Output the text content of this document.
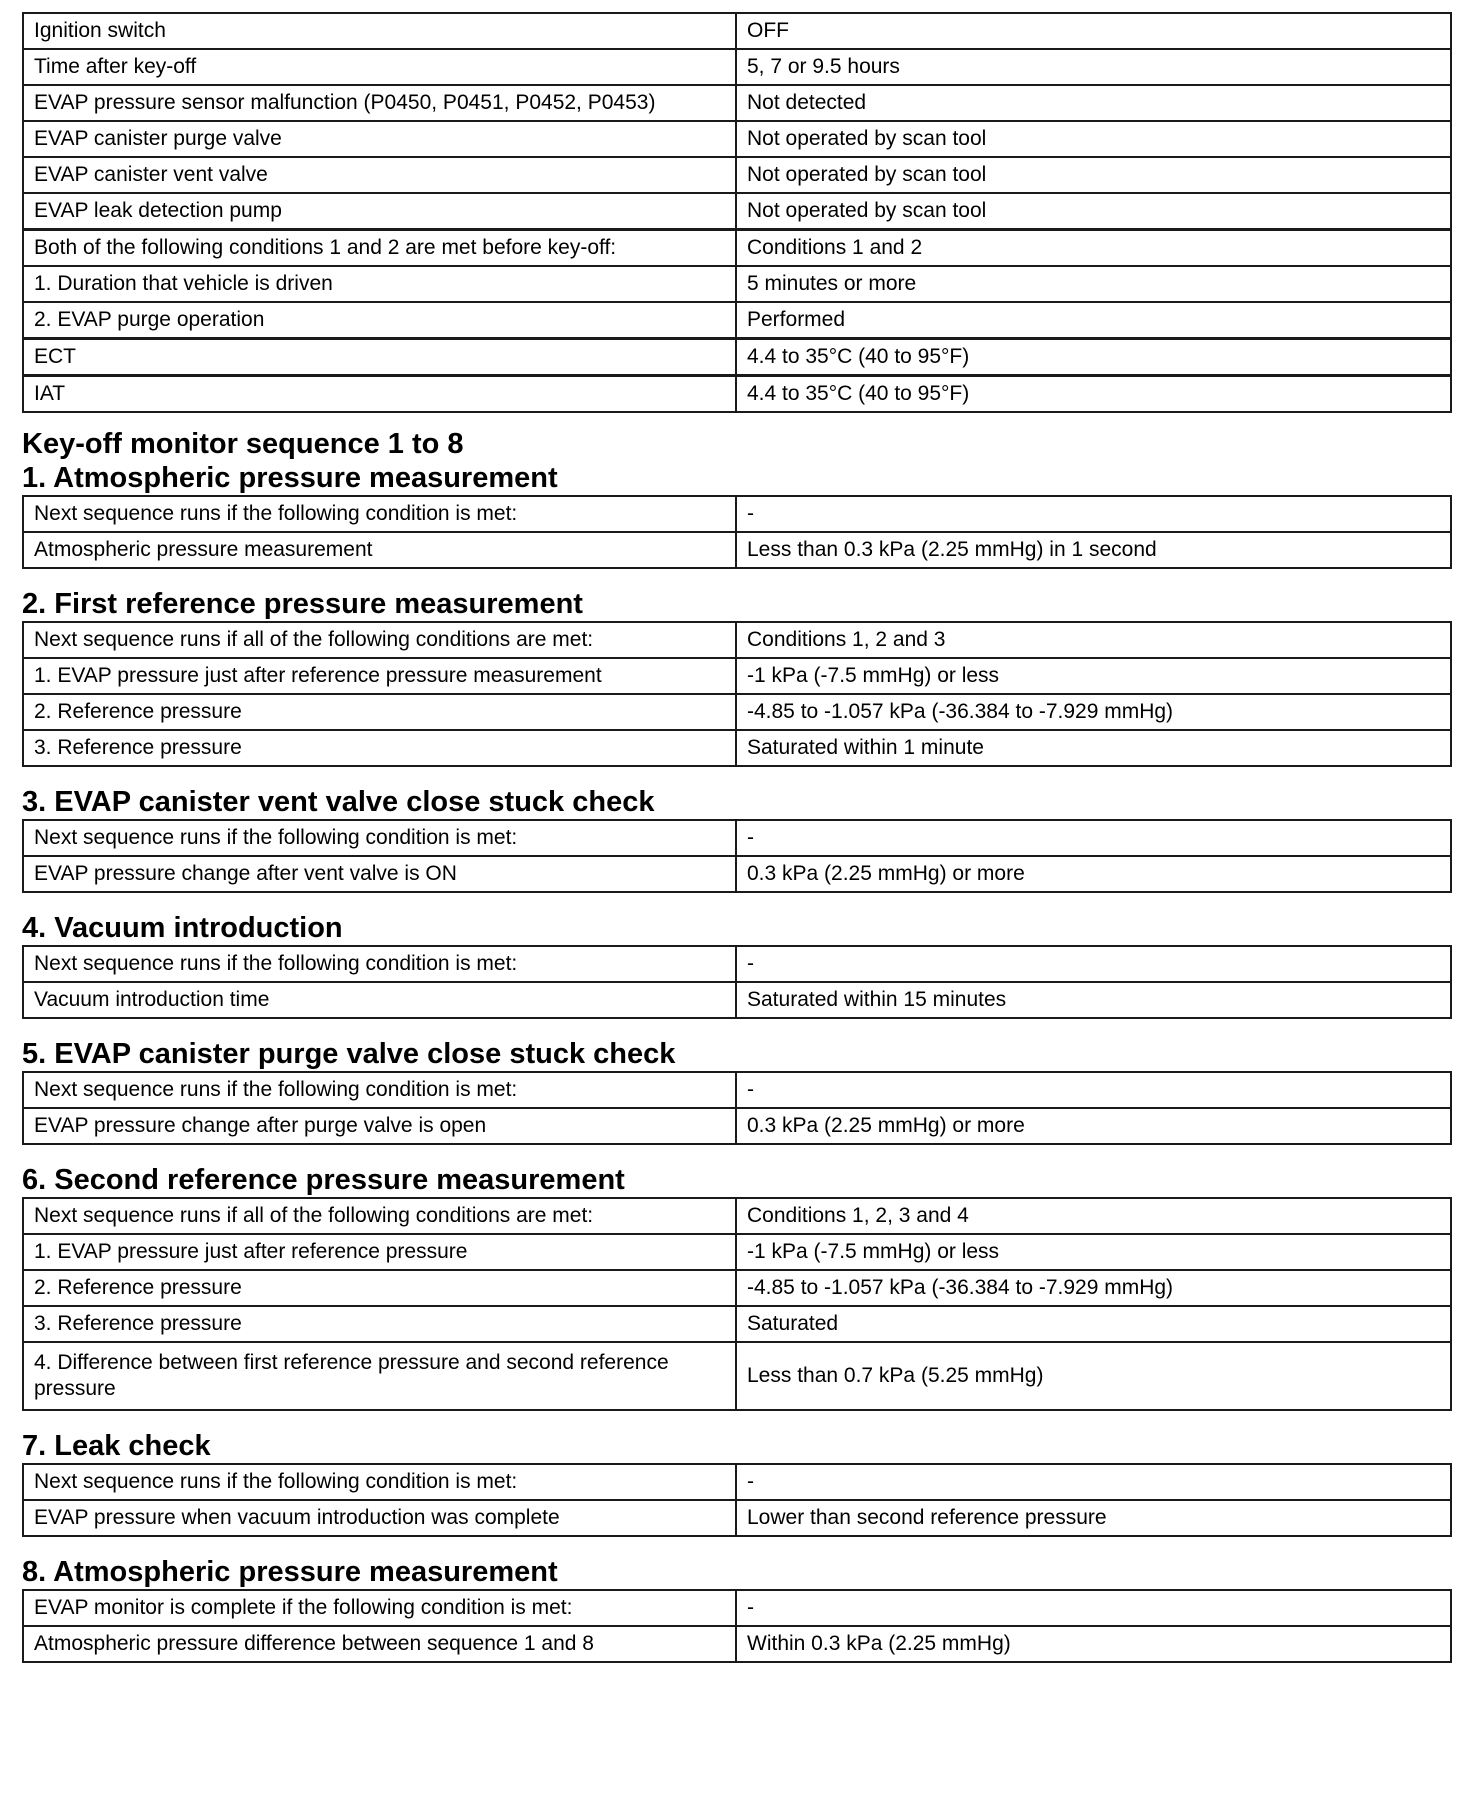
Ignition switch	OFF
Time after key-off	5, 7 or 9.5 hours
EVAP pressure sensor malfunction (P0450, P0451, P0452, P0453)	Not detected
EVAP canister purge valve	Not operated by scan tool
EVAP canister vent valve	Not operated by scan tool
EVAP leak detection pump	Not operated by scan tool
Both of the following conditions 1 and 2 are met before key-off:	Conditions 1 and 2
1. Duration that vehicle is driven	5 minutes or more
2. EVAP purge operation	Performed
ECT	4.4 to 35°C (40 to 95°F)
IAT	4.4 to 35°C (40 to 95°F)
Key-off monitor sequence 1 to 8
1. Atmospheric pressure measurement
Next sequence runs if the following condition is met:	-
Atmospheric pressure measurement	Less than 0.3 kPa (2.25 mmHg) in 1 second
2. First reference pressure measurement
Next sequence runs if all of the following conditions are met:	Conditions 1, 2 and 3
1. EVAP pressure just after reference pressure measurement	-1 kPa (-7.5 mmHg) or less
2. Reference pressure	-4.85 to -1.057 kPa (-36.384 to -7.929 mmHg)
3. Reference pressure	Saturated within 1 minute
3. EVAP canister vent valve close stuck check
Next sequence runs if the following condition is met:	-
EVAP pressure change after vent valve is ON	0.3 kPa (2.25 mmHg) or more
4. Vacuum introduction
Next sequence runs if the following condition is met:	-
Vacuum introduction time	Saturated within 15 minutes
5. EVAP canister purge valve close stuck check
Next sequence runs if the following condition is met:	-
EVAP pressure change after purge valve is open	0.3 kPa (2.25 mmHg) or more
6. Second reference pressure measurement
Next sequence runs if all of the following conditions are met:	Conditions 1, 2, 3 and 4
1. EVAP pressure just after reference pressure	-1 kPa (-7.5 mmHg) or less
2. Reference pressure	-4.85 to -1.057 kPa (-36.384 to -7.929 mmHg)
3. Reference pressure	Saturated
4. Difference between first reference pressure and second reference pressure	Less than 0.7 kPa (5.25 mmHg)
7. Leak check
Next sequence runs if the following condition is met:	-
EVAP pressure when vacuum introduction was complete	Lower than second reference pressure
8. Atmospheric pressure measurement
EVAP monitor is complete if the following condition is met:	-
Atmospheric pressure difference between sequence 1 and 8	Within 0.3 kPa (2.25 mmHg)
